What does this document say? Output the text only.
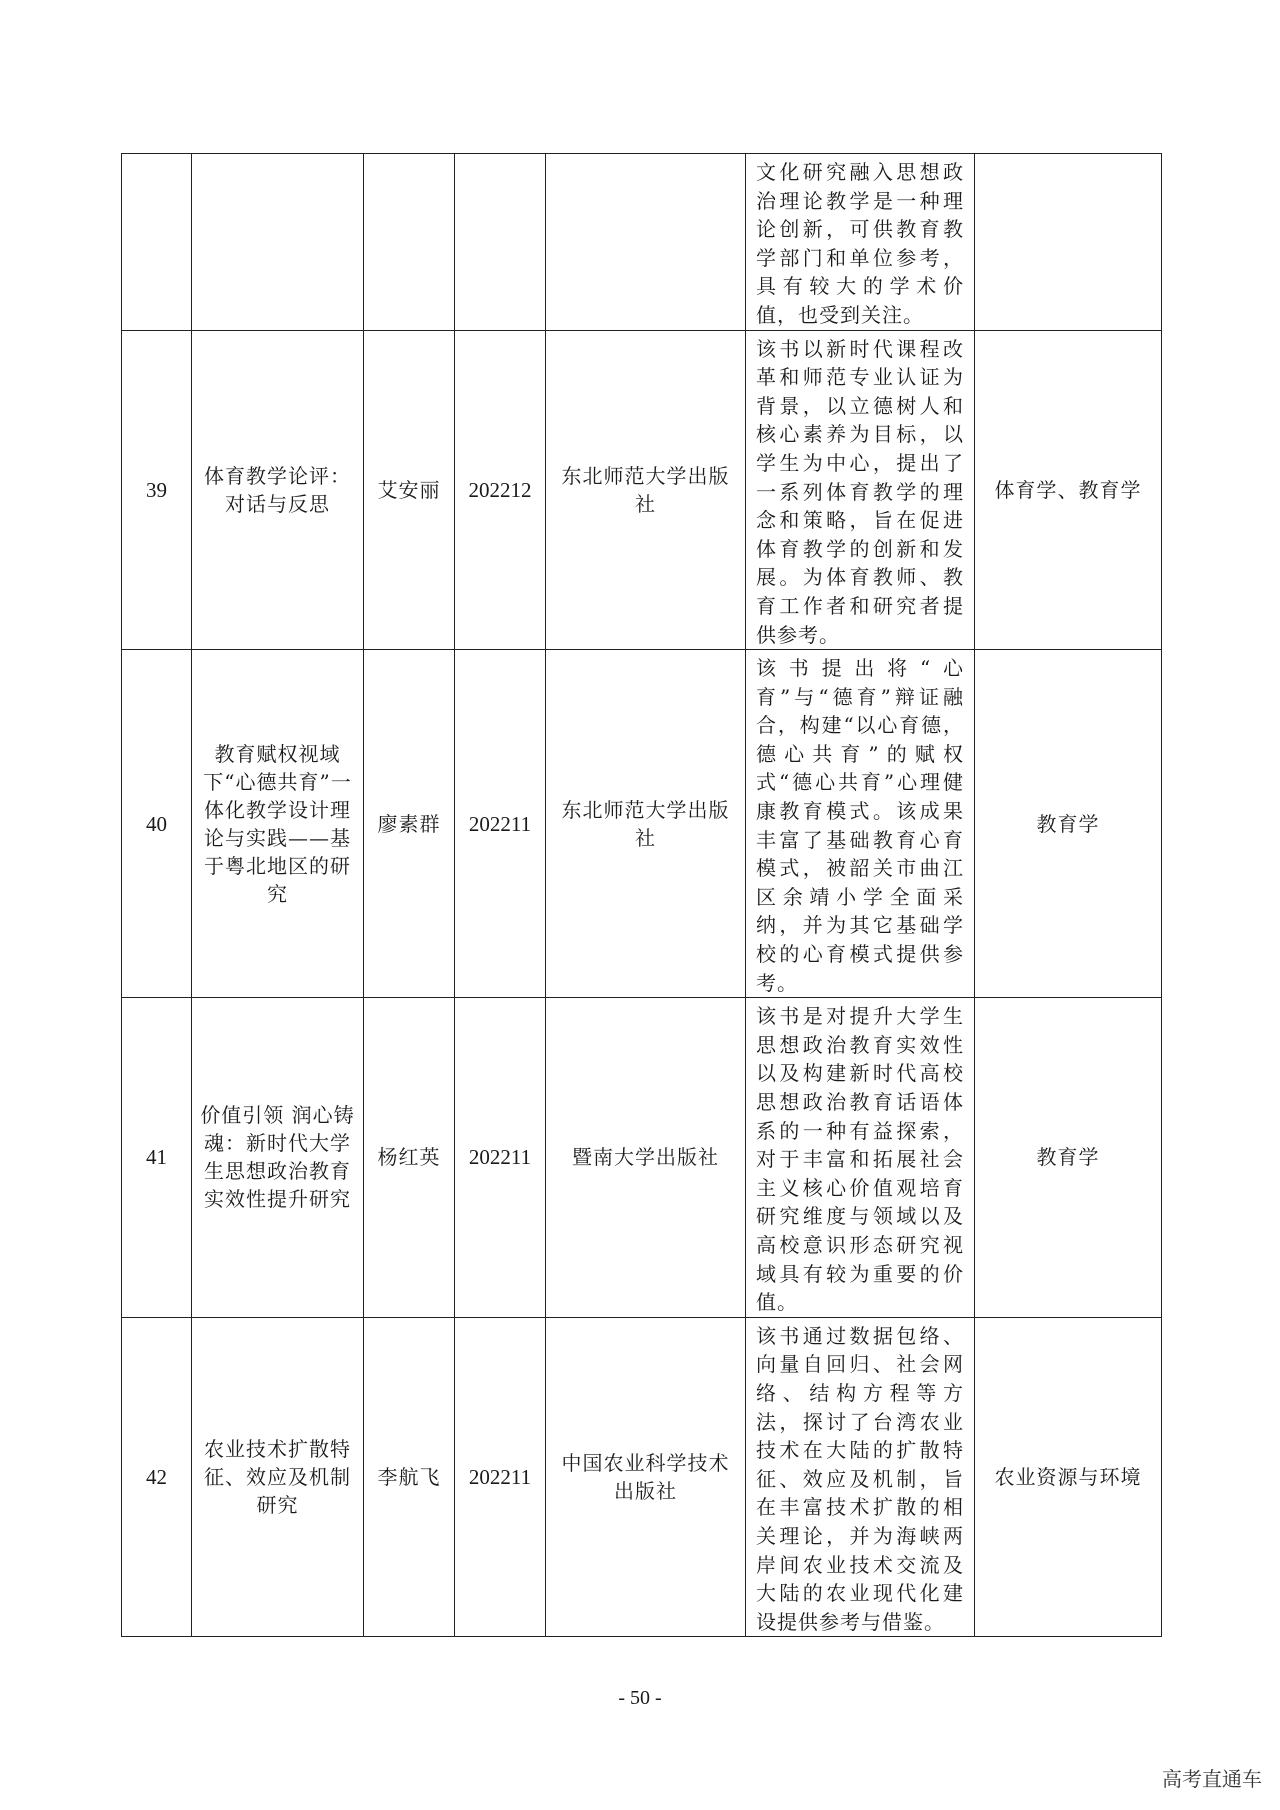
					文化研究融入思想政治理论教学是一种理论创新，可供教育教学部门和单位参考，具有较大的学术价值，也受到关注。	
39	体育教学论评：对话与反思	艾安丽	202212	东北师范大学出版社	该书以新时代课程改革和师范专业认证为背景，以立德树人和核心素养为目标，以学生为中心，提出了一系列体育教学的理念和策略，旨在促进体育教学的创新和发展。为体育教师、教育工作者和研究者提供参考。	体育学、教育学
40	教育赋权视域下“心德共育”一体化教学设计理论与实践——基于粤北地区的研究	廖素群	202211	东北师范大学出版社	该书提出将“心育”与“德育”辩证融合，构建“以心育德，德心共育”的赋权式“德心共育”心理健康教育模式。该成果丰富了基础教育心育模式，被韶关市曲江区余靖小学全面采纳，并为其它基础学校的心育模式提供参考。	教育学
41	价值引领 润心铸魂：新时代大学生思想政治教育实效性提升研究	杨红英	202211	暨南大学出版社	该书是对提升大学生思想政治教育实效性以及构建新时代高校思想政治教育话语体系的一种有益探索，对于丰富和拓展社会主义核心价值观培育研究维度与领域以及高校意识形态研究视域具有较为重要的价值。	教育学
42	农业技术扩散特征、效应及机制研究	李航飞	202211	中国农业科学技术出版社	该书通过数据包络、向量自回归、社会网络、结构方程等方法，探讨了台湾农业技术在大陆的扩散特征、效应及机制，旨在丰富技术扩散的相关理论，并为海峡两岸间农业技术交流及大陆的农业现代化建设提供参考与借鉴。	农业资源与环境
- 50 -
高考直通车
